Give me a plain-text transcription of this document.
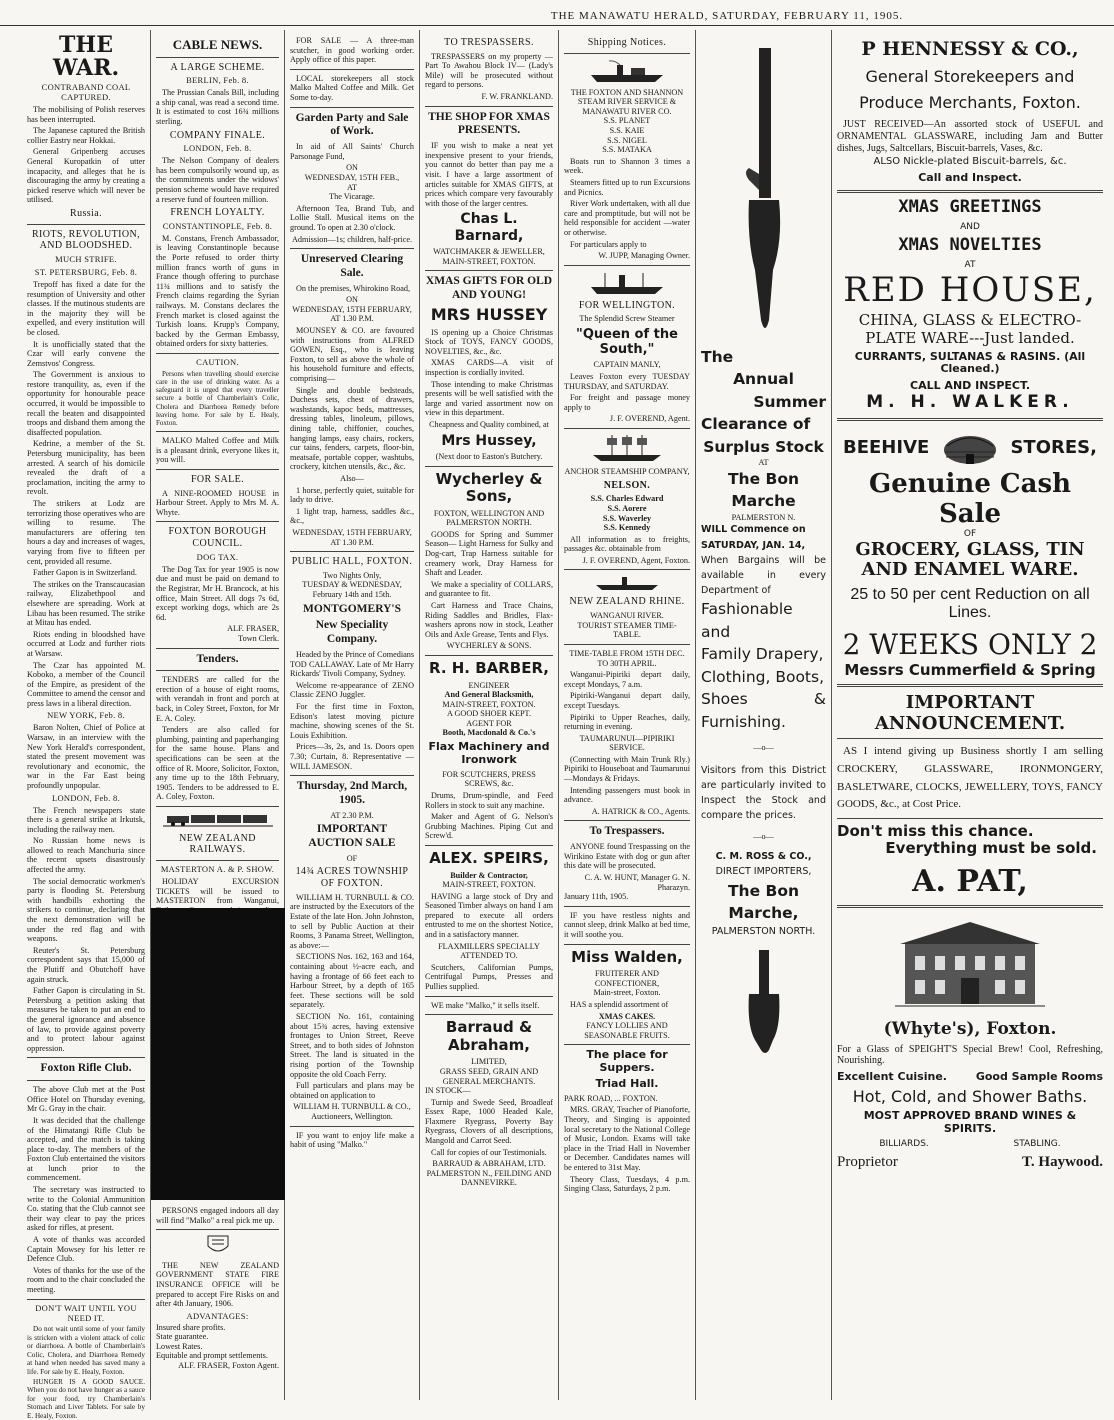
THE MANAWATU HERALD, SATURDAY, FEBRUARY 11, 1905.
THE WAR.
CONTRABAND COAL CAPTURED.

The mobilising of Polish reserves has been interrupted.

The Japanese captured the British collier Eastry near Hokkai.

General Gripenberg accuses General Kuropatkin of utter incapacity, and alleges that he is discouraging the army by creating a picked reserve which will never be utilised.

Russia.
RIOTS, REVOLUTION, AND BLOODSHED.
MUCH STRIFE.
ST. PETERSBURG, Feb. 8.

Trepoff has fixed a date for the resumption of University and other classes. If the mutinous students are in the majority they will be expelled, and every institution will be closed.

It is unofficially stated that the Czar will early convene the Zemstvos' Congress.

The Government is anxious to restore tranquility, as, even if the opportunity for honourable peace occurred, it would be impossible to recall the beaten and disappointed troops and disband them among the disaffected population.

Kedrine, a member of the St. Petersburg municipality, has been arrested. A search of his domicile revealed the draft of a proclamation, inciting the army to revolt.

The strikers at Lodz are terrorizing those operatives who are willing to resume. The manufacturers are offering ten hours a day and increases of wages, varying from five to fifteen per cent, provided all resume.

Father Gapon is in Switzerland.

The strikes on the Transcaucasian railway, Elizabethpool and elsewhere are spreading. Work at Libau has been resumed. The strike at Mitau has ended.

Riots ending in bloodshed have occurred at Lodz and further riots at Warsaw.

The Czar has appointed M. Koboko, a member of the Council of the Empire, as president of the Committee to amend the censor and press laws in a liberal direction.

NEW YORK, Feb. 8.

Baron Nolten, Chief of Police at Warsaw, in an interview with the New York Herald's correspondent, stated the present movement was revolutionary and economic, the war in the Far East being profoundly unpopular.

LONDON, Feb. 8.

The French newspapers state there is a general strike at Irkutsk, including the railway men.

No Russian home news is allowed to reach Manchuria since the recent upsets disastrously affected the army.

The social democratic workmen's party is flooding St. Petersburg with handbills exhorting the strikers to continue, declaring that the next demonstration will be under the red flag and with weapons.

Reuter's St. Petersburg correspondent says that 15,000 of the Plutiff and Obutchoff have again struck.

Father Gapon is circulating in St. Petersburg a petition asking that measures be taken to put an end to the general ignorance and absence of law, to provide against poverty and to protect labour against oppression.

Foxton Rifle Club.

The above Club met at the Post Office Hotel on Thursday evening, Mr G. Gray in the chair.

It was decided that the challenge of the Himatangi Rifle Club be accepted, and the match is taking place to-day. The members of the Foxton Club entertained the visitors at lunch prior to the commencement.

The secretary was instructed to write to the Colonial Ammunition Co. stating that the Club cannot see their way clear to pay the prices asked for rifles, at present.

A vote of thanks was accorded Captain Mowsey for his letter re Defence Club.

Votes of thanks for the use of the room and to the chair concluded the meeting.

DON'T WAIT UNTIL YOU NEED IT.

Do not wait until some of your family is stricken with a violent attack of colic or diarrhoea. A bottle of Chamberlain's Colic, Cholera, and Diarrhoea Remedy at hand when needed has saved many a life. For sale by E. Healy, Foxton.

HUNGER IS A GOOD SAUCE. When you do not have hunger as a sauce for your food, try Chamberlain's Stomach and Liver Tablets. For sale by E. Healy, Foxton.

CABLE NEWS.
A LARGE SCHEME.
BERLIN, Feb. 8.

The Prussian Canals Bill, including a ship canal, was read a second time. It is estimated to cost 16¾ millions sterling.

COMPANY FINALE.
LONDON, Feb. 8.

The Nelson Company of dealers has been compulsorily wound up, as the commitments under the widows' pension scheme would have required a reserve fund of fourteen million.

FRENCH LOYALTY.
CONSTANTINOPLE, Feb. 8.

M. Constans, French Ambassador, is leaving Constantinople because the Porte refused to order thirty million francs worth of guns in France though offering to purchase 11¾ millions and to satisfy the French claims regarding the Syrian railways. M. Constans declares the French market is closed against the Turkish loans. Krupp's Company, backed by the German Embassy, obtained orders for sixty batteries.

CAUTION.

Persons when travelling should exercise care in the use of drinking water. As a safeguard it is urged that every traveller secure a bottle of Chamberlain's Colic, Cholera and Diarrhoea Remedy before leaving home. For sale by E. Healy, Foxton.

MALKO Malted Coffee and Milk is a pleasant drink, everyone likes it, you will.

FOR SALE.

A NINE-ROOMED HOUSE in Harbour Street. Apply to Mrs M. A. Whyte.

FOXTON BOROUGH COUNCIL.
DOG TAX.

The Dog Tax for year 1905 is now due and must be paid on demand to the Registrar, Mr H. Brancock, at his office, Main Street. All dogs 7s 6d, except working dogs, which are 2s 6d.

ALF. FRASER,
Town Clerk.
Tenders.

TENDERS are called for the erection of a house of eight rooms, with verandah in front and porch at back, in Coley Street, Foxton, for Mr E. A. Coley.

Tenders are also called for plumbing, painting and paperhanging for the same house. Plans and specifications can be seen at the office of R. Moore, Solicitor, Foxton, any time up to the 18th February, 1905. Tenders to be addressed to E. A. Coley, Foxton.

NEW ZEALAND RAILWAYS.
MASTERTON A. & P. SHOW.

HOLIDAY EXCURSION TICKETS will be issued to MASTERTON from Wanganui,

PERSONS engaged indoors all day will find "Malko" a real pick me up.

THE NEW ZEALAND GOVERNMENT STATE FIRE INSURANCE OFFICE will be prepared to accept Fire Risks on and after 4th January, 1906.

ADVANTAGES:
Insured share profits.
State guarantee.
Lowest Rates.
Equitable and prompt settlements.
ALF. FRASER, Foxton Agent.

FOR SALE — A three-man scutcher, in good working order. Apply office of this paper.

LOCAL storekeepers all stock Malko Malted Coffee and Milk. Get Some to-day.

Garden Party and Sale of Work.

In aid of All Saints' Church Parsonage Fund,

ON
WEDNESDAY, 15TH FEB.,
AT
The Vicarage.

Afternoon Tea, Brand Tub, and Lollie Stall. Musical items on the ground. To open at 2.30 o'clock.

Admission—1s; children, half-price.
Unreserved Clearing Sale.

On the premises, Whirokino Road,

ON
WEDNESDAY, 15TH FEBRUARY,
AT 1.30 P.M.

MOUNSEY & CO. are favoured with instructions from ALFRED GOWEN, Esq., who is leaving Foxton, to sell as above the whole of his household furniture and effects, comprising—

Single and double bedsteads, Duchess sets, chest of drawers, washstands, kapoc beds, mattresses, dressing tables, linoleum, pillows, dining table, chiffonier, couches, hanging lamps, easy chairs, rockers, cur tains, fenders, carpets, floor-bin, meatsafe, portable copper, washtubs, crockery, kitchen utensils, &c., &c.

Also—

1 horse, perfectly quiet, suitable for lady to drive.

1 light trap, harness, saddles &c., &c.,

WEDNESDAY, 15TH FEBRUARY, AT 1.30 P.M.
PUBLIC HALL, FOXTON.
Two Nights Only,
TUESDAY & WEDNESDAY,
February 14th and 15th.
MONTGOMERY'S
New Speciality Company.

Headed by the Prince of Comedians TOD CALLAWAY. Late of Mr Harry Rickards' Tivoli Company, Sydney.

Welcome re-appearance of ZENO Classic ZENO Juggler.

For the first time in Foxton, Edison's latest moving picture machine, showing scenes of the St. Louis Exhibition.

Prices—3s, 2s, and 1s. Doors open 7.30; Curtain, 8. Representative — WILL JAMESON.

Thursday, 2nd March, 1905.
AT 2.30 P.M.
IMPORTANT AUCTION SALE
OF
14¾ ACRES TOWNSHIP OF FOXTON.

WILLIAM H. TURNBULL & CO. are instructed by the Executors of the Estate of the late Hon. John Johnston, to sell by Public Auction at their Rooms, 3 Panama Street, Wellington, as above:—

SECTIONS Nos. 162, 163 and 164, containing about ½-acre each, and having a frontage of 66 feet each to Harbour Street, by a depth of 165 feet. These sections will be sold separately.

SECTION No. 161, containing about 15¾ acres, having extensive frontages to Union Street, Reeve Street, and to both sides of Johnston Street. The land is situated in the rising portion of the Township opposite the old Coach Ferry.

Full particulars and plans may be obtained on application to

WILLIAM H. TURNBULL & CO., Auctioneers, Wellington.

IF you want to enjoy life make a habit of using "Malko."

TO TRESPASSERS.

TRESPASSERS on my property —Part To Awahou Block IV— (Lady's Mile) will be prosecuted without regard to persons.

F. W. FRANKLAND.
THE SHOP FOR XMAS PRESENTS.

IF you wish to make a neat yet inexpensive present to your friends, you cannot do better than pay me a visit. I have a large assortment of articles suitable for XMAS GIFTS, at prices which compare very favourably with those of the larger centres.

Chas L. Barnard,
WATCHMAKER & JEWELLER,
MAIN-STREET, FOXTON.
XMAS GIFTS FOR OLD AND YOUNG!
MRS HUSSEY

IS opening up a Choice Christmas Stock of TOYS, FANCY GOODS, NOVELTIES, &c., &c.

XMAS CARDS—A visit of inspection is cordially invited.

Those intending to make Christmas presents will be well satisfied with the large and varied assortment now on view in this department.

Cheapness and Quality combined, at
Mrs Hussey,
(Next door to Easton's Butchery.
Wycherley & Sons,
FOXTON, WELLINGTON AND PALMERSTON NORTH.

GOODS for Spring and Summer Season— Light Harness for Sulky and Dog-cart, Trap Harness suitable for creamery work, Dray Harness for Shaft and Leader.

We make a speciality of COLLARS, and guarantee to fit.

Cart Harness and Trace Chains, Riding Saddles and Bridles, Flax-washers aprons now in stock, Leather Oils and Axle Grease, Tents and Flys.

WYCHERLEY & SONS.
R. H. BARBER,
ENGINEER
And General Blacksmith,
MAIN-STREET, FOXTON.
A GOOD SHOER KEPT.
AGENT FOR
Booth, Macdonald & Co.'s
Flax Machinery and Ironwork
FOR SCUTCHERS, PRESS SCREWS, &c.

Drums, Drum-spindle, and Feed Rollers in stock to suit any machine.

Maker and Agent of G. Nelson's Grubbing Machines. Piping Cut and Screw'd.

ALEX. SPEIRS,
Builder & Contractor,
MAIN-STREET, FOXTON.

HAVING a large stock of Dry and Seasoned Timber always on hand I am prepared to execute all orders entrusted to me on the shortest Notice, and in a satisfactory manner.

FLAXMILLERS SPECIALLY ATTENDED TO.

Scutchers, Californian Pumps, Centrifugal Pumps, Presses and Pullies supplied.

WE make "Malko," it sells itself.

Barraud & Abraham,
LIMITED,
GRASS SEED, GRAIN AND GENERAL MERCHANTS.
IN STOCK—

Turnip and Swede Seed, Broadleaf Essex Rape, 1000 Headed Kale, Flaxmere Ryegrass, Poverty Bay Ryegrass, Clovers of all descriptions, Mangold and Carrot Seed.

Call for copies of our Testimonials.

BARRAUD & ABRAHAM, LTD.
PALMERSTON N., FEILDING AND DANNEVIRKE.
Shipping Notices.
THE FOXTON AND SHANNON STEAM RIVER SERVICE & MANAWATU RIVER CO.
S.S. PLANET
S.S. KAIE
S.S. NIGEL
S.S. MATAKA

Boats run to Shannon 3 times a week.

Steamers fitted up to run Excursions and Picnics.

River Work undertaken, with all due care and promptitude, but will not be held responsible for accident —water or otherwise.

For particulars apply to

W. JUPP, Managing Owner.
FOR WELLINGTON.
The Splendid Screw Steamer
"Queen of the South,"
CAPTAIN MANLY,

Leaves Foxton every TUESDAY THURSDAY, and SATURDAY.

For freight and passage money apply to

J. F. OVEREND, Agent.
ANCHOR STEAMSHIP COMPANY,
NELSON.
S.S. Charles Edward
S.S. Aorere
S.S. Waverley
S.S. Kennedy

All information as to freights, passages &c. obtainable from

J. F. OVEREND, Agent, Foxton.
NEW ZEALAND RHINE.
WANGANUI RIVER.
TOURIST STEAMER TIME-TABLE.
TIME-TABLE FROM 15TH DEC. TO 30TH APRIL.

Wanganui-Pipiriki depart daily, except Mondays, 7 a.m.

Pipiriki-Wanganui depart daily, except Tuesdays.

Pipiriki to Upper Reaches, daily, returning in evening.

TAUMARUNUI—PIPIRIKI SERVICE.

(Connecting with Main Trunk Rly.) Pipiriki to Houseboat and Taumarunui—Mondays & Fridays.

Intending passengers must book in advance.

A. HATRICK & CO., Agents.
To Trespassers.

ANYONE found Trespassing on the Wirikino Estate with dog or gun after this date will be prosecuted.

C. A. W. HUNT, Manager G. N. Pharazyn.
January 11th, 1905.

IF you have restless nights and cannot sleep, drink Malko at bed time, it will soothe you.

Miss Walden,
FRUITERER AND CONFECTIONER,
Main-street, Foxton.

HAS a splendid assortment of

XMAS CAKES.
FANCY LOLLIES AND SEASONABLE FRUITS.
The place for Suppers.
Triad Hall.
PARK ROAD, ... FOXTON.

MRS. GRAY, Teacher of Pianoforte, Theory, and Singing is appointed local secretary to the National College of Music, London. Exams will take place in the Triad Hall in November or December. Candidates names will be entered to 31st May.

Theory Class, Tuesdays, 4 p.m. Singing Class, Saturdays, 2 p.m.

The
Annual
Summer
Clearance of
Surplus Stock
AT
The Bon Marche
PALMERSTON N.
WILL Commence on
SATURDAY, JAN. 14,
When Bargains will be available in every Department of
Fashionable and
Family Drapery,
Clothing, Boots,
Shoes & Furnishing.
—o—
Visitors from this District are particularly invited to Inspect the Stock and compare the prices.
—o—
C. M. ROSS & CO.,
DIRECT IMPORTERS,
The Bon Marche,
PALMERSTON NORTH.
P HENNESSY & CO.,
General Storekeepers and Produce Merchants, Foxton.

JUST RECEIVED—An assorted stock of USEFUL and ORNAMENTAL GLASSWARE, including Jam and Butter dishes, Jugs, Saltcellars, Biscuit-barrels, Vases, &c.

ALSO Nickle-plated Biscuit-barrels, &c.
Call and Inspect.
XMAS GREETINGS
AND
XMAS NOVELTIES
AT
RED HOUSE,
CHINA, GLASS & ELECTRO-PLATE WARE---Just landed.
CURRANTS, SULTANAS & RASINS. (All Cleaned.)
CALL AND INSPECT.
M. H. WALKER.
BEEHIVE	STORES,
Genuine Cash Sale
OF
GROCERY, GLASS, TIN AND ENAMEL WARE.
25 to 50 per cent Reduction on all Lines.
2 WEEKS ONLY 2
Messrs Cummerfield & Spring
IMPORTANT ANNOUNCEMENT.

AS I intend giving up Business shortly I am selling CROCKERY, GLASSWARE, IRONMONGERY, BASLETWARE, CLOCKS, JEWELLERY, TOYS, FANCY GOODS, &c., at Cost Price.

Don't miss this chance.
Everything must be sold.
A. PAT,
(Whyte's), Foxton.
For a Glass of SPEIGHT'S Special Brew! Cool, Refreshing, Nourishing.
Excellent Cuisine.	Good Sample Rooms
Hot, Cold, and Shower Baths.
MOST APPROVED BRAND WINES & SPIRITS.
BILLIARDS.	STABLING.
Proprietor	T. Haywood.
